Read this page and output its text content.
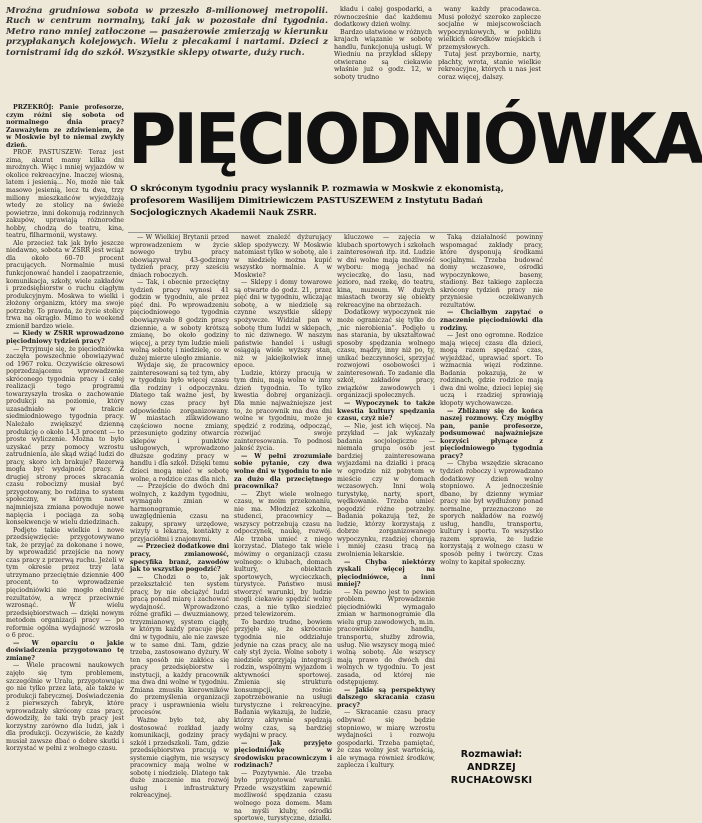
Mroźna grudniowa sobota w przeszło 8-milionowej metropolii. Ruch w centrum normalny, taki jak w pozostałe dni tygodnia. Metro rano mniej zatłoczone — pasażerowie zmierzają w kierunku przypłakanych kolejowych. Wielu z plecakami i nartami. Dzieci z tornistrami idą do szkół. Wszystkie sklepy otwarte, duży ruch.

kładu i całej gospodarki, a równocześnie dać każdemu dodatkowy dzień wolny.

Bardzo ułatwione w różnych krajach wiązanie w sobotę handlu, funkcjonują usługi. W Wiedniu na przykład sklepy otwierane są ciekawie właśnie już o godz. 12, w soboty trudno

wany każdy pracodawca. Musi położyć szeroko zaplecze socjalne w miejscowościach wypoczynkowych, w pobliżu wielkich ośrodków miejskich i przemysłowych.

Tutaj jest przybornie, narty, płachty, wrota, stanie wielkie rekreacyjne, których u nas jest coraz więcej, dalszy.

PIĘCIODNIÓWKA
O skróconym tygodniu pracy wyslannik P. rozmawia w Moskwie z ekonomistą, profesorem Wasilijem Dimitriewiczem PASTUSZEWEM z Instytutu Badań Socjologicznych Akademii Nauk ZSRR.

PRZEKRÓJ: Panie profesorze, czym różni się sobota od normalnego dnia pracy? Zauważyłem ze zdziwieniem, że w Moskwie był to niemal zwykły dzień.

PROF. PASTUSZEW: Teraz jest zima, akurat mamy kilka dni mroźnych. Więc i mniej wyjazdów w okolice rekreacyjne. Inaczej wiosną, latem i jesienią... No, może nie tak masowo jesienią, lecz tu dwa, trzy miliony mieszkańców wyjeżdżają wtedy ze stolicy na świeże powietrze, inni dokonują rodzinnych zakupów, uprawiają różnorodne hobby, chodzą do teatru, kina, teatru, filharmonii, wystawy.

Ale przecież tak jak było jeszcze niedawno, sobota w ZSRR jest wciąż dla około 60–70 procent pracujących. Normalnie musi funkcjonować handel i zaopatrzenie, komunikacja, szkoły, wiele zakładów i przedsiębiorstw o ruchu ciągłym produkcyjnym. Moskwa to wielki i złożony organizm, który ma swoje potrzeby. To prawda, że życie stolicy trwa na okrągło. Mimo to weekend zmienił bardzo wiele.

— Kiedy w ZSRR wprowadzono pięciodniowy tydzień pracy?

— Przyjmuje się, że pięciodniówka zaczęła powszechnie obowiązywać od 1967 roku. Oczywiście okresowi poprzedzającemu wprowadzenie skróconego tygodnia pracy i całej realizacji tego programu towarzyszyła troska o zachowanie produkcji na poziomie, który uzasadniało w trakcie siedmiodniowego tygodnia pracy. Należało zwiększyć dzienną produkcję o około 14,3 procent — to proste wyliczenie. Można to było uzyskać przy pomocy wzrostu zatrudnienia, ale skąd wziąć ludzi do pracy, skoro ich brakuje? Rezerwą mogła być wydajność pracy. Z drugiej strony proces skracania czasu robocizny musiał być przygotowany, bo rodzina to system społeczny, w którym nawet najmniejsza zmiana powoduje nowe napięcia i pociąga za sobą konsekwencje w wielu dziedzinach.

Podjęto takie wielkie i nowe przedsięwzięcie: przygotowywano tak, że przyjąć za dokonane i nowe, by wprowadzić przejście na nowy czas pracy z przerwą ruchu. Jeżeli w tym okresie przez trzy lata utrzymano przeciętnie dziennie 400 procent, to wprowadzenie pięciodniówki nie mogło obniżyć rezultatów, a wręcz przeciwnie wzrosnąć. W wielu przedsiębiorstwach — dzięki nowym metodom organizacji pracy — po reformie ogólna wydajność wzrosła o 6 proc.

— W oparciu o jakie doświadczenia przygotowano tę zmianę?

— Wiele pracowni naukowych zajęło się tym problemem, szczególnie w Uralu, przygotowując go nie tylko przez lata, ale także w produkcji fabrycznej. Doświadczenia z pierwszych fabryk, które wprowadzały skrócony czas pracy, dowodziły, że taki tryb pracy jest korzystny zarówno dla ludzi, jak i dla produkcji. Oczywiście, że każdy musiał zawsze dbać o dobre skutki i korzystać w pełni z wolnego czasu.

— W Wielkiej Brytanii przed wprowadzeniem w życie nowego trybu pracy obowiązywał 43-godzinny tydzień pracy, przy sześciu dniach roboczych.

— Tak, i obecnie przeciętny tydzień pracy wynosi 41 godzin w tygodniu, ale przez pięć dni. Po wprowadzeniu pięciodniowego tygodnia obowiązywało 8 godzin pracy dziennie, a w soboty krótszą zmianę, bo około godziny więcej, a przy tym ludzie mieli wolną sobotę i niedzielę, co w dużej mierze uległo zmianie.

Wydaje się, że pracownicy zainteresowani są też tym, aby w tygodniu było więcej czasu dla rodziny i odpoczynku. Dlatego tak ważne jest, by nowy czas pracy był odpowiednio zorganizowany. W miastach zlikwidowano częściowo nocne zmiany, przesunięto godziny otwarcia sklepów i punktów usługowych, wprowadzono dłuższe godziny pracy w handlu i dla szkół. Dzięki temu dzieci mogą mieć w sobotę wolne, a rodzice czas dla nich.

— Przejście do dwóch dni wolnych, z każdym tygodniu, wymagało zmian w harmonogramie, uwzględnienia czasu na zakupy, sprawy urzędowe, wizyty u lekarza, kontakty z przyjaciółmi i znajomymi.

— Przecież dodatkowe dni pracy, zmianowość, specyfika branż, zawodów jak to wszystko pogodzić?

— Chodzi o to, jak przekształcić ten system pracy, by nie obciążyć ludzi pracą ponad miarę i zachować wydajność. Wprowadzono różne grafiki — dwuzmianowy, trzyzmianowy, system ciągły, w którym każdy pracuje pięć dni w tygodniu, ale nie zawsze w te same dni. Tam, gdzie trzeba, zastosowano dyżury. W ten sposób nie zakłóca się pracy przedsiębiorstw i instytucji, a każdy pracownik ma dwa dni wolne w tygodniu. Zmiana zmusiła kierowników do przemyślenia organizacji pracy i usprawnienia wielu procesów.

Ważne było też, aby dostosować rozkład jazdy komunikacji, godziny pracy szkół i przedszkoli. Tam, gdzie przedsiębiorstwa pracują w systemie ciągłym, nie wszyscy pracownicy mają wolne w sobotę i niedzielę. Dlatego tak duże znaczenie ma rozwój usług i infrastruktury rekreacyjnej.

nawet znaleźć dyżurujący sklep spożywczy. W Moskwie natomiast tylko w sobotę, ale i w niedzielę można kupić wszystko normalnie. A w Moskwie?

— Sklepy i domy towarowe są otwarte do godz. 21, przez pięć dni w tygodniu, wliczając sobotę, a w niedzielę są czynne wszystkie sklepy spożywcze. Widział pan w sobotę tłum ludzi w sklepach, to nic dziwnego. W naszym państwie handel i usługi osiągają wiele wyższy stan, niż w jakiejkolwiek innej epoce.

Ludzie, którzy pracują w tym dniu, mają wolne w inny dzień tygodnia. To tylko kwestia dobrej organizacji. Dla mnie najważniejsze jest to, że pracownik ma dwa dni wolne w tygodniu, może je spędzić z rodziną, odpocząć, rozwijać swoje zainteresowania. To podnosi jakość życia.

— W pełni zrozumiałe sobie pytanie, czy dwa wolne dni w tygodniu to nie za dużo dla przeciętnego pracownika?

— Zbyt wiele wolnego czasu, w moim przekonaniu, nie ma. Młodzież szkolna, studenci, pracownicy — wszyscy potrzebują czasu na odpoczynek, naukę, rozwój. Ale trzeba umieć z niego korzystać. Dlatego tak wiele mówimy o organizacji czasu wolnego: o klubach, domach kultury, obiektach sportowych, wycieczkach, turystyce. Państwo musi stworzyć warunki, by ludzie mogli ciekawie spędzić wolny czas, a nie tylko siedzieć przed telewizorem.

To bardzo trudne, bowiem przyjęło się, że skrócenie tygodnia nie oddziałuje jedynie na czas pracy, ale na cały styl życia. Wolne soboty i niedziele sprzyjają integracji rodzin, wspólnym wyjazdom i aktywności sportowej. Zmienia się struktura konsumpcji, rośnie zapotrzebowanie na usługi turystyczne i rekreacyjne. Badania wykazują, że ludzie, którzy aktywnie spędzają wolny czas, są bardziej wydajni w pracy.

— Jak przyjęto pięciodniówkę w środowisku pracowniczym i rodzinach?

— Pozytywnie. Ale trzeba było przygotować warunki. Przede wszystkim zapewnić możliwość spędzania czasu wolnego poza domem. Mam na myśli kluby, ośrodki sportowe, turystyczne, działki.

kluczowe — zajęcia w klubach sportowych i szkołach zainteresowań itp. itd. Ludzie w dni wolne mają możliwość wyboru: mogą jechać na wycieczkę, do lasu, nad jezioro, nad rzekę, do teatru, kina, muzeum. W dużych miastach tworzy się obiekty rekreacyjne na obrzeżach.

Dodatkowy wypoczynek nie może ograniczać się tylko do „nic nierobienia”. Podjęło u nas starania, by ukształtować sposoby spędzania wolnego czasu, mądry, inny niż po, ty, unikać bezczynności, sprzyjać rozwojowi osobowości i zainteresowań. To zadanie dla szkół, zakładów pracy, związków zawodowych i organizacji społecznych.

— Wypoczynek to także kwestia kultury spędzania czasu, czyż nie?

— Nie, jest ich więcej. Na przykład — jak wykazały badania socjologiczne — niemała grupa osób jest bardziej zainteresowana wyjazdami na działki i pracą w ogrodzie niż pobytem w mieście czy w domach wczasowych. Inni wolą turystykę, narty, sport, wędkowanie. Trzeba umieć pogodzić różne potrzeby. Badania pokazują też, że ludzie, którzy korzystają z dobrze zorganizowanego wypoczynku, rzadziej chorują i mniej czasu tracą na zwolnienia lekarskie.

— Chyba niektórzy zyskali więcej na pięciodniówce, a inni mniej?

— Na pewno jest to pewien problem. Wprowadzenie pięciodniówki wymagało zmian w harmonogramie dla wielu grup zawodowych, m.in. pracowników handlu, transportu, służby zdrowia, usług. Nie wszyscy mogą mieć wolną sobotę. Ale wszyscy mają prawo do dwóch dni wolnych w tygodniu. To jest zasada, od której nie odstępujemy.

— Jakie są perspektywy dalszego skracania czasu pracy?

— Skracanie czasu pracy odbywać się będzie stopniowo, w miarę wzrostu wydajności i rozwoju gospodarki. Trzeba pamiętać, że czas wolny jest wartością, ale wymaga również środków, zaplecza i kultury.

Taką działalność powinny wspomagać zakłady pracy, które dysponują środkami socjalnymi. Trzeba budować domy wczasowe, ośrodki wypoczynkowe, baseny, stadiony. Bez takiego zaplecza skrócony tydzień pracy nie przyniesie oczekiwanych rezultatów.

— Chciałbym zapytać o znaczenie pięciodniówki dla rodziny.

— Jest ono ogromne. Rodzice mają więcej czasu dla dzieci, mogą razem spędzać czas, wyjeżdżać, uprawiać sport. To wzmacnia więzi rodzinne. Badania pokazują, że w rodzinach, gdzie rodzice mają dwa dni wolne, dzieci lepiej się uczą i rzadziej sprawiają kłopoty wychowawcze.

— Zbliżamy się do końca naszej rozmowy. Czy mógłby pan, panie profesorze, podsumować najważniejsze korzyści płynące z pięciodniowego tygodnia pracy?

— Chyba wszędzie skracano tydzień roboczy i wprowadzano dodatkowy dzień wolny stopniowo. A jednocześnie dbano, by dzienny wymiar pracy nie był wydłużony ponad normalne, przeznaczono ze sporych nakładów na rozwój usług, handlu, transportu, kultury i sportu. To wszystko razem sprawia, że ludzie korzystają z wolnego czasu w sposób pełny i twórczy. Czas wolny to kapitał społeczny.

Rozmawiał:
ANDRZEJ RUCHAŁOWSKI
